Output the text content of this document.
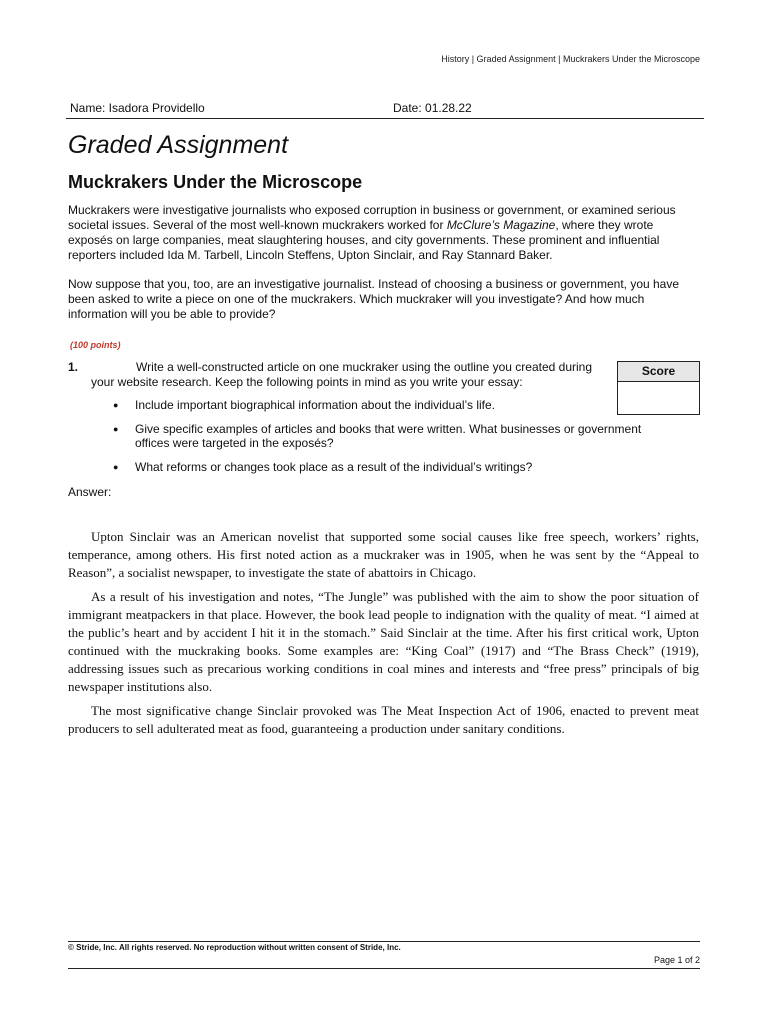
History | Graded Assignment | Muckrakers Under the Microscope
Name: Isadora Providello	Date: 01.28.22
Graded Assignment
Muckrakers Under the Microscope

Muckrakers were investigative journalists who exposed corruption in business or government, or examined serious societal issues. Several of the most well-known muckrakers worked for McClure’s Magazine, where they wrote exposés on large companies, meat slaughtering houses, and city governments. These prominent and influential reporters included Ida M. Tarbell, Lincoln Steffens, Upton Sinclair, and Ray Stannard Baker.

Now suppose that you, too, are an investigative journalist. Instead of choosing a business or government, you have been asked to write a piece on one of the muckrakers. Which muckraker will you investigate? And how much information will you be able to provide?

(100 points)
1.	Write a well-constructed article on one muckraker using the outline you created during your website research. Keep the following points in mind as you write your essay:

Score
● Include important biographical information about the individual’s life.
● Give specific examples of articles and books that were written. What businesses or government offices were targeted in the exposés?
● What reforms or changes took place as a result of the individual’s writings?
Answer:

Upton Sinclair was an American novelist that supported some social causes like free speech, workers’ rights, temperance, among others. His first noted action as a muckraker was in 1905, when he was sent by the “Appeal to Reason”, a socialist newspaper, to investigate the state of abattoirs in Chicago.

As a result of his investigation and notes, “The Jungle” was published with the aim to show the poor situation of immigrant meatpackers in that place. However, the book lead people to indignation with the quality of meat. “I aimed at the public’s heart and by accident I hit it in the stomach.” Said Sinclair at the time. After his first critical work, Upton continued with the muckraking books. Some examples are: “King Coal” (1917) and “The Brass Check” (1919), addressing issues such as precarious working conditions in coal mines and interests and “free press” principals of big newspaper institutions also.

The most significative change Sinclair provoked was The Meat Inspection Act of 1906, enacted to prevent meat producers to sell adulterated meat as food, guaranteeing a production under sanitary conditions.

© Stride, Inc. All rights reserved. No reproduction without written consent of Stride, Inc.
Page 1 of 2
